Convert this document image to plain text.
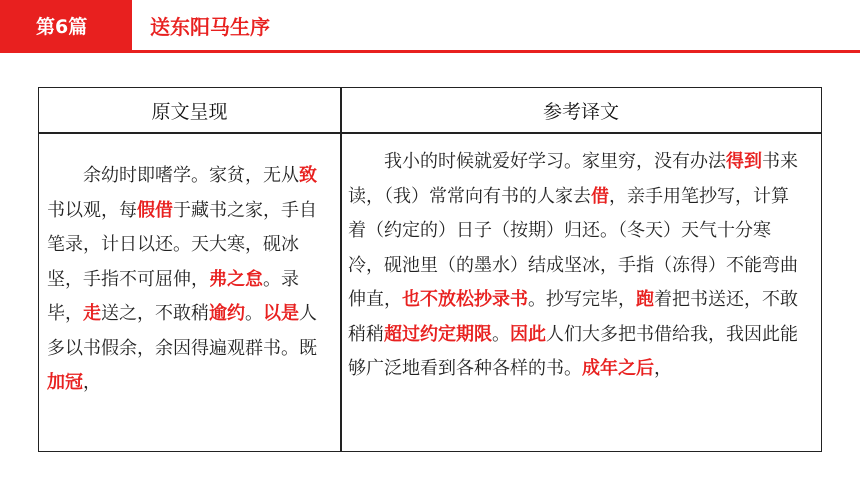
第6篇	送东阳马生序
原文呈现	参考译文
余幼时即嗜学。家贫，无从致书以观，每假借于藏书之家，手自笔录，计日以还。天大寒，砚冰坚，手指不可屈伸，弗之怠。录毕，走送之，不敢稍逾约。以是人多以书假余，余因得遍观群书。既加冠，
我小的时候就爱好学习。家里穷，没有办法得到书来读，（我）常常向有书的人家去借，亲手用笔抄写，计算着（约定的）日子（按期）归还。（冬天）天气十分寒冷，砚池里（的墨水）结成坚冰，手指（冻得）不能弯曲伸直，也不放松抄录书。抄写完毕，跑着把书送还，不敢稍稍超过约定期限。因此人们大多把书借给我，我因此能够广泛地看到各种各样的书。成年之后，
